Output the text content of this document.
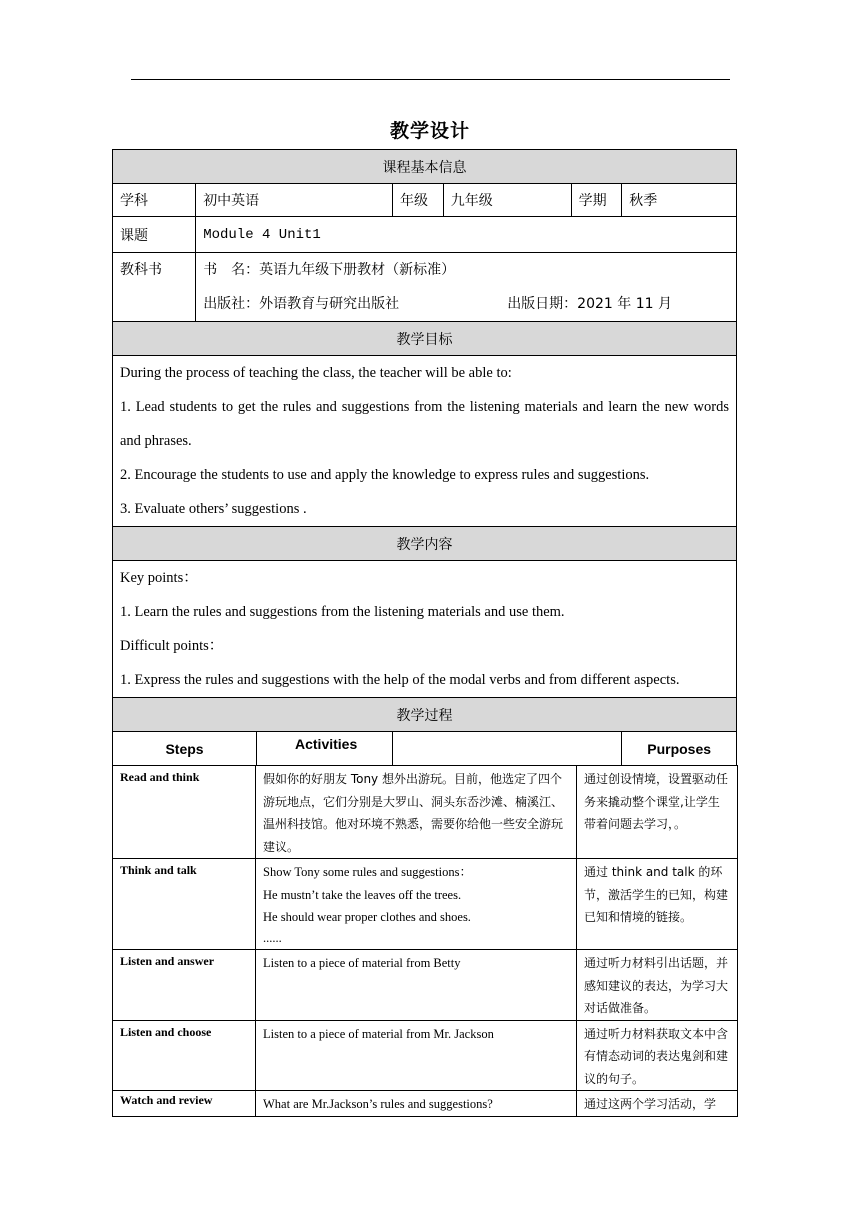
教学设计
课程基本信息					
学科	初中英语	年级	九年级	学期	秋季
课题	Module 4 Unit1				
教科书	书　名：英语九年级下册教材（新标准）
出版社：外语教育与研究出版社 出版日期：2021 年 11 月				

教学目标					

During the process of teaching the class, the teacher will be able to:
1. Lead students to get the rules and suggestions from the listening materials and learn the new words and phrases.
2. Encourage the students to use and apply the knowledge to express rules and suggestions.
3. Evaluate others’ suggestions .					

教学内容					

Key points：
1. Learn the rules and suggestions from the listening materials and use them.
Difficult points：
1. Express the rules and suggestions with the help of the modal verbs and from different aspects.					

教学过程					

Steps Activities					Purposes
Read and think	假如你的好朋友 Tony 想外出游玩。目前，他选定了四个游玩地点，它们分别是大罗山、洞头东岙沙滩、楠溪江、温州科技馆。他对环境不熟悉，需要你给他一些安全游玩建议。	通过创设情境，设置驱动任务来撬动整个课堂,让学生带着问题去学习，。
Think and talk	Show Tony some rules and suggestions：
He mustn’t take the leaves off the trees.
He should wear proper clothes and shoes.
......	通过 think and talk 的环节，激活学生的已知，构建已知和情境的链接。
Listen and answer	Listen to a piece of material from Betty	通过听力材料引出话题，并感知建议的表达，为学习大对话做准备。
Listen and choose	Listen to a piece of material from Mr. Jackson	通过听力材料获取文本中含有情态动词的表达鬼剑和建议的句子。
Watch and review	What are Mr.Jackson’s rules and suggestions?	通过这两个学习活动，学
